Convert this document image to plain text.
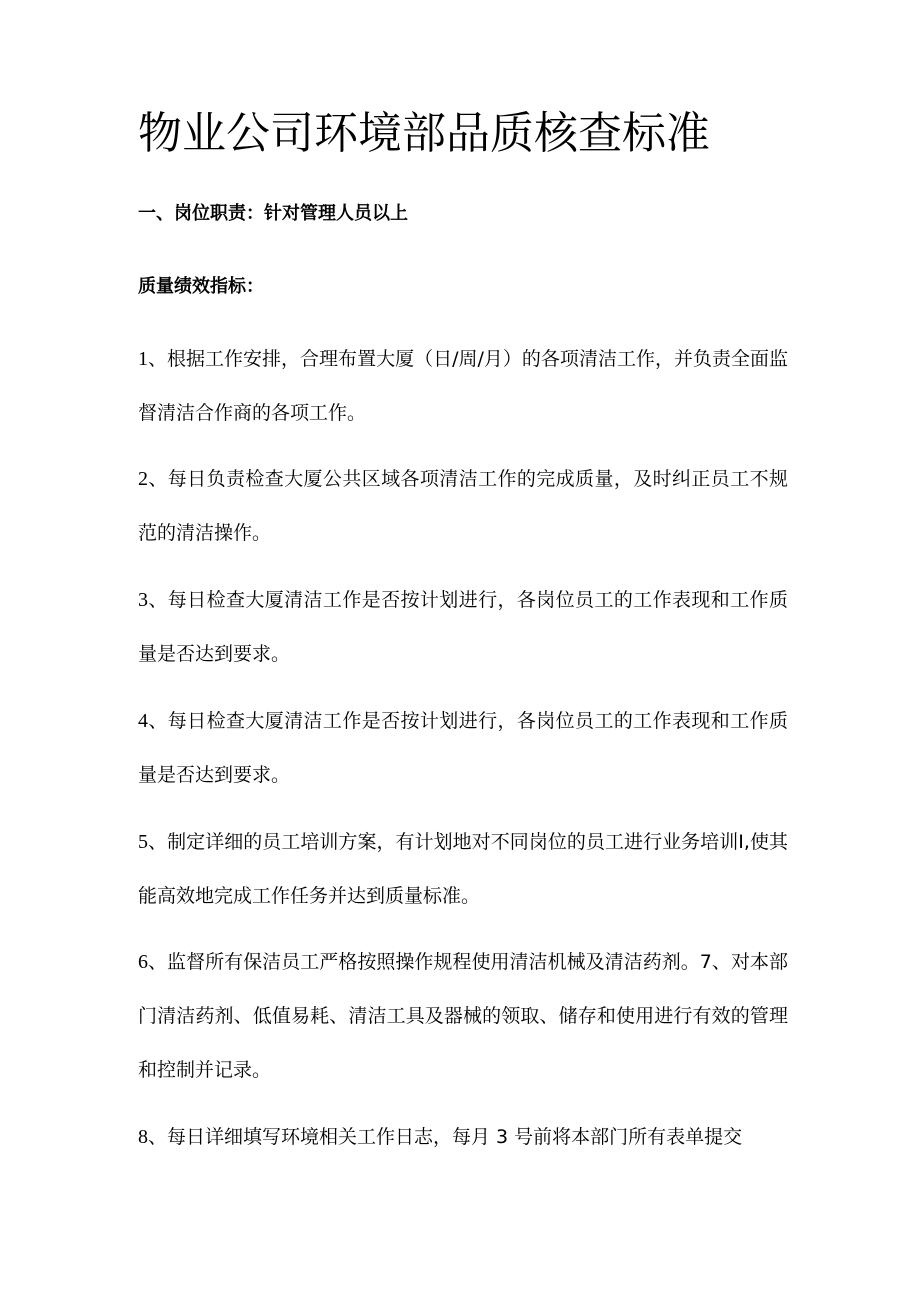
物业公司环境部品质核查标准

一、岗位职责：针对管理人员以上

质量绩效指标：

1、根据工作安排，合理布置大厦（日/周/月）的各项清洁工作，并负责全面监督清洁合作商的各项工作。

2、每日负责检查大厦公共区域各项清洁工作的完成质量，及时纠正员工不规范的清洁操作。

3、每日检查大厦清洁工作是否按计划进行，各岗位员工的工作表现和工作质量是否达到要求。

4、每日检查大厦清洁工作是否按计划进行，各岗位员工的工作表现和工作质量是否达到要求。

5、制定详细的员工培训方案，有计划地对不同岗位的员工进行业务培训I,使其能高效地完成工作任务并达到质量标准。

6、监督所有保洁员工严格按照操作规程使用清洁机械及清洁药剂。7、对本部门清洁药剂、低值易耗、清洁工具及器械的领取、储存和使用进行有效的管理和控制并记录。

8、每日详细填写环境相关工作日志，每月 3 号前将本部门所有表单提交
